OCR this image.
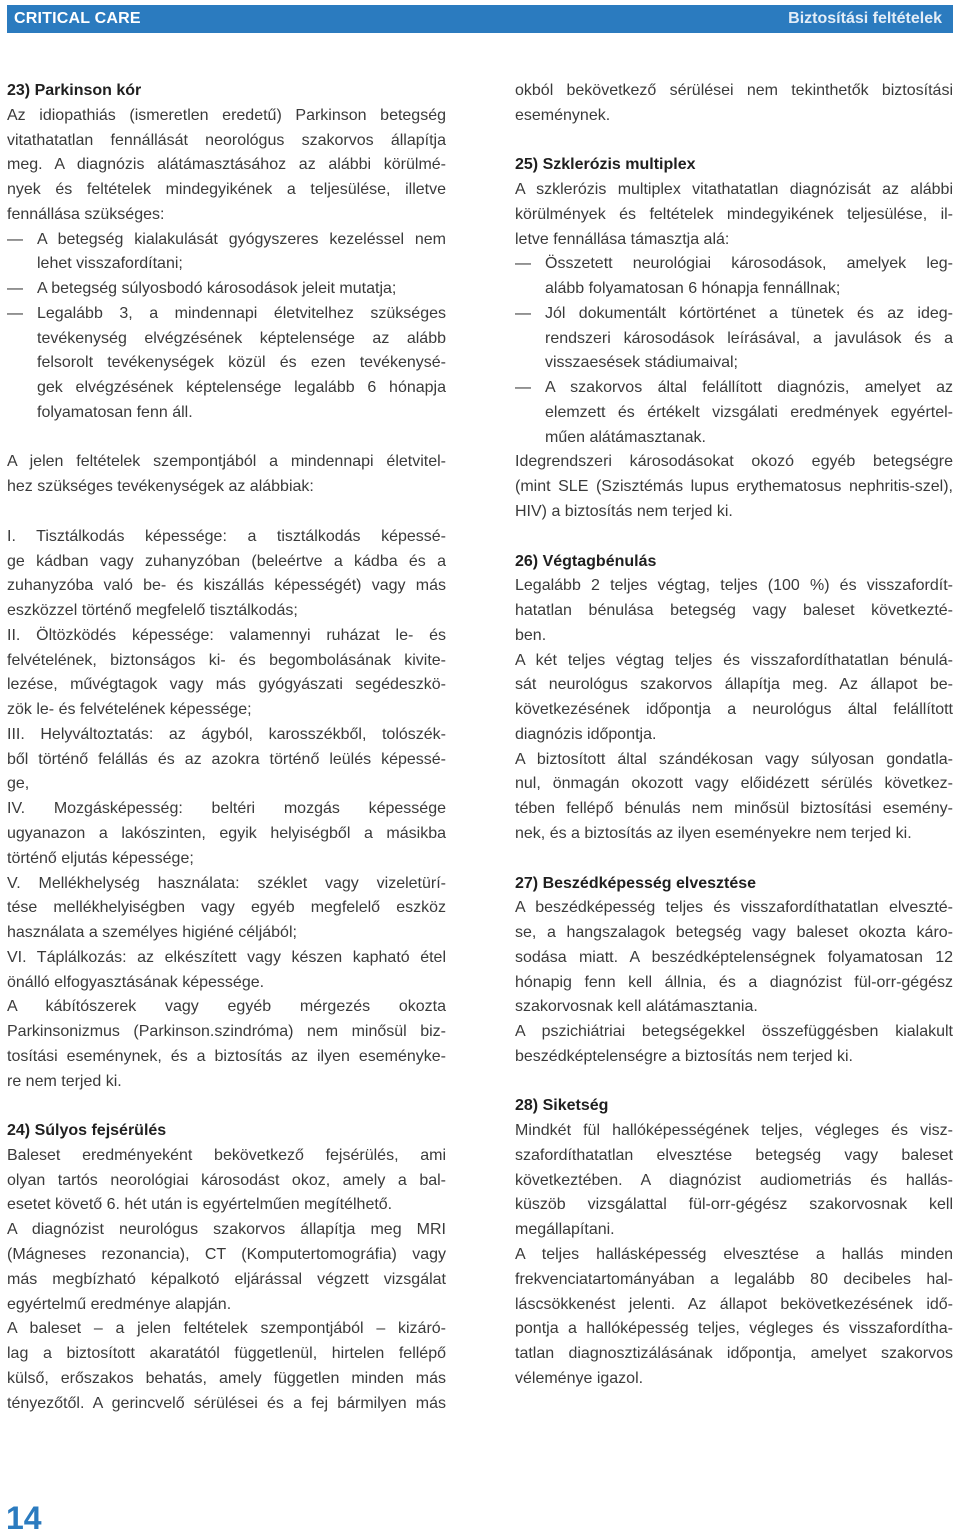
CRITICAL CARE	Biztosítási feltételek
23) Parkinson kór
Az idiopathiás (ismeretlen eredetű) Parkinson betegség
vitathatatlan fennállását neorológus szakorvos állapítja
meg. A diagnózis alátámasztásához az alábbi körülmé-
nyek és feltételek mindegyikének a teljesülése, illetve
fennállása szükséges:
— A betegség kialakulását gyógyszeres kezeléssel nem
lehet visszafordítani;
— A betegség súlyosbodó károsodások jeleit mutatja;
— Legalább 3, a mindennapi életvitelhez szükséges
tevékenység elvégzésének képtelensége az alább
felsorolt tevékenységek közül és ezen tevékenysé-
gek elvégzésének képtelensége legalább 6 hónapja
folyamatosan fenn áll.
A jelen feltételek szempontjából a mindennapi életvitel-
hez szükséges tevékenységek az alábbiak:
I. Tisztálkodás képessége: a tisztálkodás képessé-
ge kádban vagy zuhanyzóban (beleértve a kádba és a
zuhanyzóba való be- és kiszállás képességét) vagy más
eszközzel történő megfelelő tisztálkodás;
II. Öltözködés képessége: valamennyi ruházat le- és
felvételének, biztonságos ki- és begombolásának kivite-
lezése, művégtagok vagy más gyógyászati segédeszkö-
zök le- és felvételének képessége;
III. Helyváltoztatás: az ágyból, karosszékből, tolószék-
ből történő felállás és az azokra történő leülés képessé-
ge,
IV. Mozgásképesség: beltéri mozgás képessége
ugyanazon a lakószinten, egyik helyiségből a másikba
történő eljutás képessége;
V. Mellékhelység használata: széklet vagy vizeletürí-
tése mellékhelyiségben vagy egyéb megfelelő eszköz
használata a személyes higiéné céljából;
VI. Táplálkozás: az elkészített vagy készen kapható étel
önálló elfogyasztásának képessége.
A kábítószerek vagy egyéb mérgezés okozta
Parkinsonizmus (Parkinson.szindróma) nem minősül biz-
tosítási eseménynek, és a biztosítás az ilyen eseményke-
re nem terjed ki.
24) Súlyos fejsérülés
Baleset eredményeként bekövetkező fejsérülés, ami
olyan tartós neorológiai károsodást okoz, amely a bal-
esetet követő 6. hét után is egyértelműen megítélhető.
A diagnózist neurológus szakorvos állapítja meg MRI
(Mágneses rezonancia), CT (Komputertomográfia) vagy
más megbízható képalkotó eljárással végzett vizsgálat
egyértelmű eredménye alapján.
A baleset – a jelen feltételek szempontjából – kizáró-
lag a biztosított akaratától függetlenül, hirtelen fellépő
külső, erőszakos behatás, amely független minden más
tényezőtől. A gerincvelő sérülései és a fej bármilyen más
okból bekövetkező sérülései nem tekinthetők biztosítási
eseménynek.
25) Szklerózis multiplex
A szklerózis multiplex vitathatatlan diagnózisát az alábbi
körülmények és feltételek mindegyikének teljesülése, il-
letve fennállása támasztja alá:
— Összetett neurológiai károsodások, amelyek leg-
alább folyamatosan 6 hónapja fennállnak;
— Jól dokumentált kórtörténet a tünetek és az ideg-
rendszeri károsodások leírásával, a javulások és a
visszaesések stádiumaival;
— A szakorvos által felállított diagnózis, amelyet az
elemzett és értékelt vizsgálati eredmények egyértel-
műen alátámasztanak.
Idegrendszeri károsodásokat okozó egyéb betegségre
(mint SLE (Szisztémás lupus erythematosus nephritis-szel),
HIV) a biztosítás nem terjed ki.
26) Végtagbénulás
Legalább 2 teljes végtag, teljes (100 %) és visszafordít-
hatatlan bénulása betegség vagy baleset következté-
ben.
A két teljes végtag teljes és visszafordíthatatlan bénulá-
sát neurológus szakorvos állapítja meg. Az állapot be-
következésének időpontja a neurológus által felállított
diagnózis időpontja.
A biztosított által szándékosan vagy súlyosan gondatla-
nul, önmagán okozott vagy előidézett sérülés következ-
tében fellépő bénulás nem minősül biztosítási esemény-
nek, és a biztosítás az ilyen eseményekre nem terjed ki.
27) Beszédképesség elvesztése
A beszédképesség teljes és visszafordíthatatlan elveszté-
se, a hangszalagok betegség vagy baleset okozta káro-
sodása miatt. A beszédképtelenségnek folyamatosan 12
hónapig fenn kell állnia, és a diagnózist fül-orr-gégész
szakorvosnak kell alátámasztania.
A pszichiátriai betegségekkel összefüggésben kialakult
beszédképtelenségre a biztosítás nem terjed ki.
28) Siketség
Mindkét fül hallóképességének teljes, végleges és visz-
szafordíthatatlan elvesztése betegség vagy baleset
következtében. A diagnózist audiometriás és hallás-
küszöb vizsgálattal fül-orr-gégész szakorvosnak kell
megállapítani.
A teljes hallásképesség elvesztése a hallás minden
frekvenciatartományában a legalább 80 decibeles hal-
láscsökkenést jelenti. Az állapot bekövetkezésének idő-
pontja a hallóképesség teljes, végleges és visszafordítha-
tatlan diagnosztizálásának időpontja, amelyet szakorvos
véleménye igazol.
14
